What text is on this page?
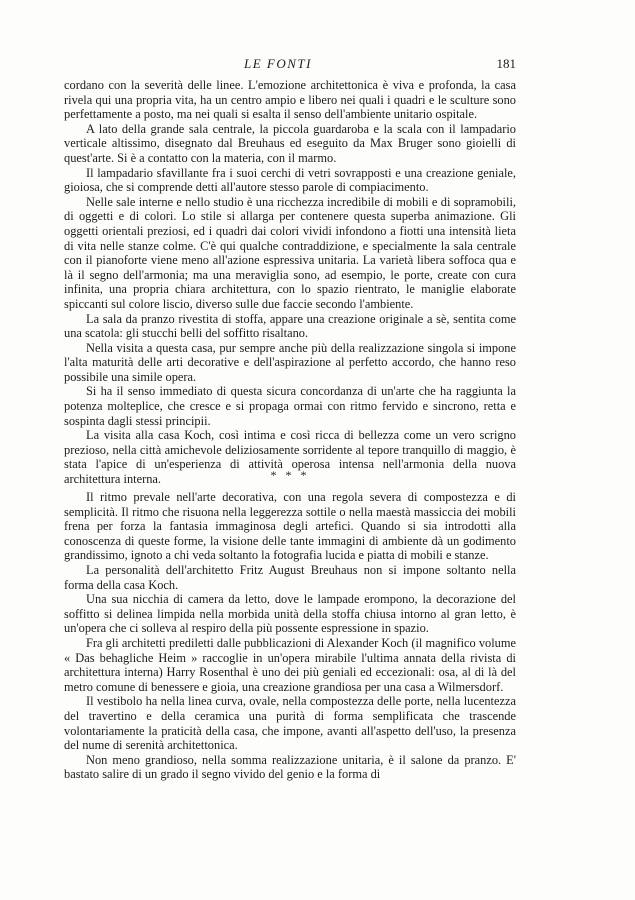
LE FONTI	181

cordano con la severità delle linee. L'emozione architettonica è viva e profonda, la casa rivela qui una propria vita, ha un centro ampio e libero nei quali i quadri e le sculture sono perfettamente a posto, ma nei quali si esalta il senso dell'ambiente unitario ospitale.

A lato della grande sala centrale, la piccola guardaroba e la scala con il lampadario verticale altissimo, disegnato dal Breuhaus ed eseguito da Max Bruger sono gioielli di quest'arte. Si è a contatto con la materia, con il marmo.

Il lampadario sfavillante fra i suoi cerchi di vetri sovrapposti e una creazione geniale, gioiosa, che si comprende detti all'autore stesso parole di compiacimento.

Nelle sale interne e nello studio è una ricchezza incredibile di mobili e di sopramobili, di oggetti e di colori. Lo stile si allarga per contenere questa superba animazione. Gli oggetti orientali preziosi, ed i quadri dai colori vividi infondono a fiotti una intensità lieta di vita nelle stanze colme. C'è qui qualche contraddizione, e specialmente la sala centrale con il pianoforte viene meno all'azione espressiva unitaria. La varietà libera soffoca qua e là il segno dell'armonia; ma una meraviglia sono, ad esempio, le porte, create con cura infinita, una propria chiara architettura, con lo spazio rientrato, le maniglie elaborate spiccanti sul colore liscio, diverso sulle due faccie secondo l'ambiente.

La sala da pranzo rivestita di stoffa, appare una creazione originale a sè, sentita come una scatola: gli stucchi belli del soffitto risaltano.

Nella visita a questa casa, pur sempre anche più della realizzazione singola si impone l'alta maturità delle arti decorative e dell'aspirazione al perfetto accordo, che hanno reso possibile una simile opera.

Si ha il senso immediato di questa sicura concordanza di un'arte che ha raggiunta la potenza molteplice, che cresce e si propaga ormai con ritmo fervido e sincrono, retta e sospinta dagli stessi principii.

La visita alla casa Koch, così intima e così ricca di bellezza come un vero scrigno prezioso, nella città amichevole deliziosamente sorridente al tepore tranquillo di maggio, è stata l'apice di un'esperienza di attività operosa intensa nell'armonia della nuova architettura interna.	* * *

Il ritmo prevale nell'arte decorativa, con una regola severa di compostezza e di semplicità. Il ritmo che risuona nella leggerezza sottile o nella maestà massiccia dei mobili frena per forza la fantasia immaginosa degli artefici. Quando si sia introdotti alla conoscenza di queste forme, la visione delle tante immagini di ambiente dà un godimento grandissimo, ignoto a chi veda soltanto la fotografia lucida e piatta di mobili e stanze.

La personalità dell'architetto Fritz August Breuhaus non si impone soltanto nella forma della casa Koch.

Una sua nicchia di camera da letto, dove le lampade erompono, la decorazione del soffitto si delinea limpida nella morbida unità della stoffa chiusa intorno al gran letto, è un'opera che ci solleva al respiro della più possente espressione in spazio.

Fra gli architetti prediletti dalle pubblicazioni di Alexander Koch (il magnifico volume « Das behagliche Heim » raccoglie in un'opera mirabile l'ultima annata della rivista di architettura interna) Harry Rosenthal è uno dei più geniali ed eccezionali: osa, al di là del metro comune di benessere e gioia, una creazione grandiosa per una casa a Wilmersdorf.

Il vestibolo ha nella linea curva, ovale, nella compostezza delle porte, nella lucentezza del travertino e della ceramica una purità di forma semplificata che trascende volontariamente la praticità della casa, che impone, avanti all'aspetto dell'uso, la presenza del nume di serenità architettonica.

Non meno grandioso, nella somma realizzazione unitaria, è il salone da pranzo. E' bastato salire di un grado il segno vivido del genio e la forma di
